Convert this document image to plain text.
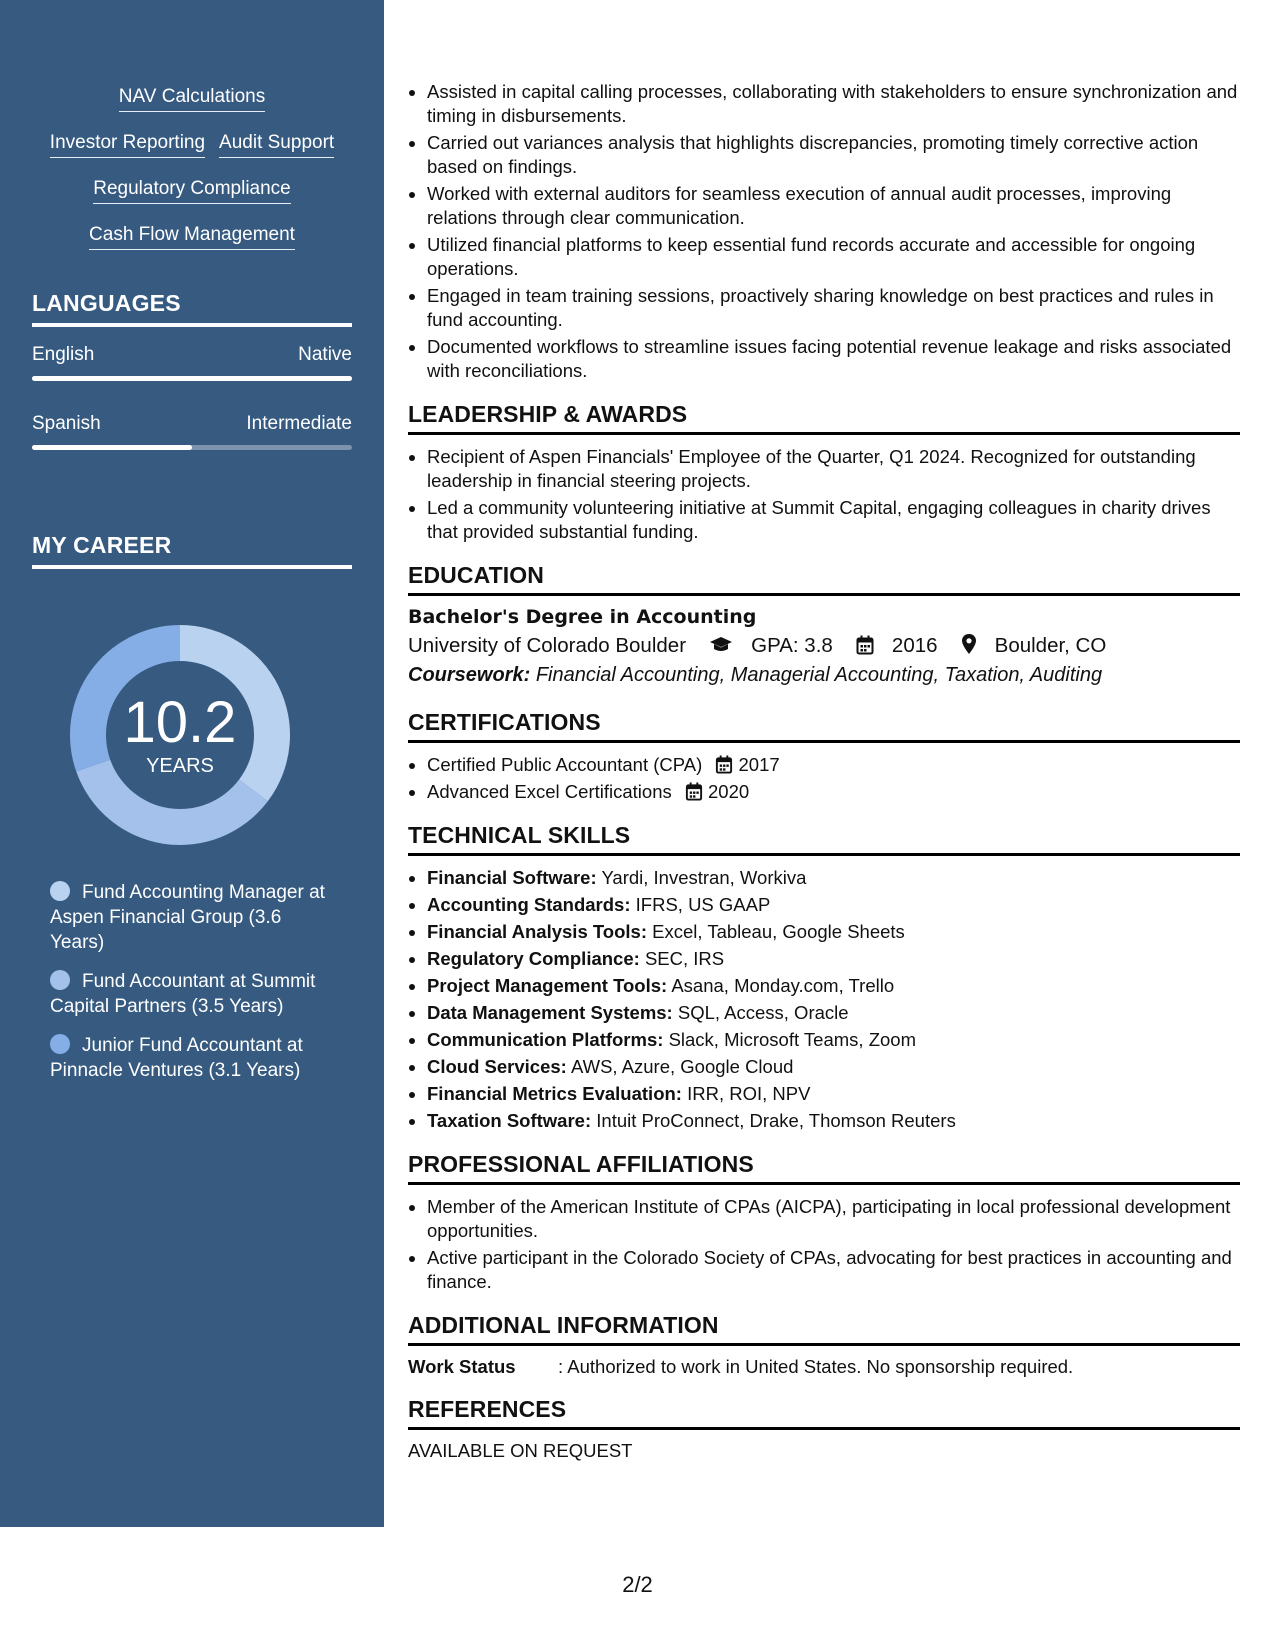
NAV Calculations
Investor Reporting Audit Support
Regulatory Compliance
Cash Flow Management
LANGUAGES
English	Native
Spanish	Intermediate
MY CAREER
10.2
YEARS
Fund Accounting Manager at Aspen Financial Group (3.6 Years)
Fund Accountant at Summit Capital Partners (3.5 Years)
Junior Fund Accountant at Pinnacle Ventures (3.1 Years)
• Assisted in capital calling processes, collaborating with stakeholders to ensure synchronization and timing in disbursements.
• Carried out variances analysis that highlights discrepancies, promoting timely corrective action based on findings.
• Worked with external auditors for seamless execution of annual audit processes, improving relations through clear communication.
• Utilized financial platforms to keep essential fund records accurate and accessible for ongoing operations.
• Engaged in team training sessions, proactively sharing knowledge on best practices and rules in fund accounting.
• Documented workflows to streamline issues facing potential revenue leakage and risks associated with reconciliations.
LEADERSHIP & AWARDS
• Recipient of Aspen Financials' Employee of the Quarter, Q1 2024. Recognized for outstanding leadership in financial steering projects.
• Led a community volunteering initiative at Summit Capital, engaging colleagues in charity drives that provided substantial funding.
EDUCATION
Bachelor's Degree in Accounting
University of Colorado Boulder	GPA: 3.8	2016	Boulder, CO
Coursework: Financial Accounting, Managerial Accounting, Taxation, Auditing
CERTIFICATIONS
• Certified Public Accountant (CPA) 2017
• Advanced Excel Certifications 2020
TECHNICAL SKILLS
• Financial Software: Yardi, Investran, Workiva
• Accounting Standards: IFRS, US GAAP
• Financial Analysis Tools: Excel, Tableau, Google Sheets
• Regulatory Compliance: SEC, IRS
• Project Management Tools: Asana, Monday.com, Trello
• Data Management Systems: SQL, Access, Oracle
• Communication Platforms: Slack, Microsoft Teams, Zoom
• Cloud Services: AWS, Azure, Google Cloud
• Financial Metrics Evaluation: IRR, ROI, NPV
• Taxation Software: Intuit ProConnect, Drake, Thomson Reuters
PROFESSIONAL AFFILIATIONS
• Member of the American Institute of CPAs (AICPA), participating in local professional development opportunities.
• Active participant in the Colorado Society of CPAs, advocating for best practices in accounting and finance.
ADDITIONAL INFORMATION
Work Status	: Authorized to work in United States. No sponsorship required.
REFERENCES
AVAILABLE ON REQUEST
2/2
